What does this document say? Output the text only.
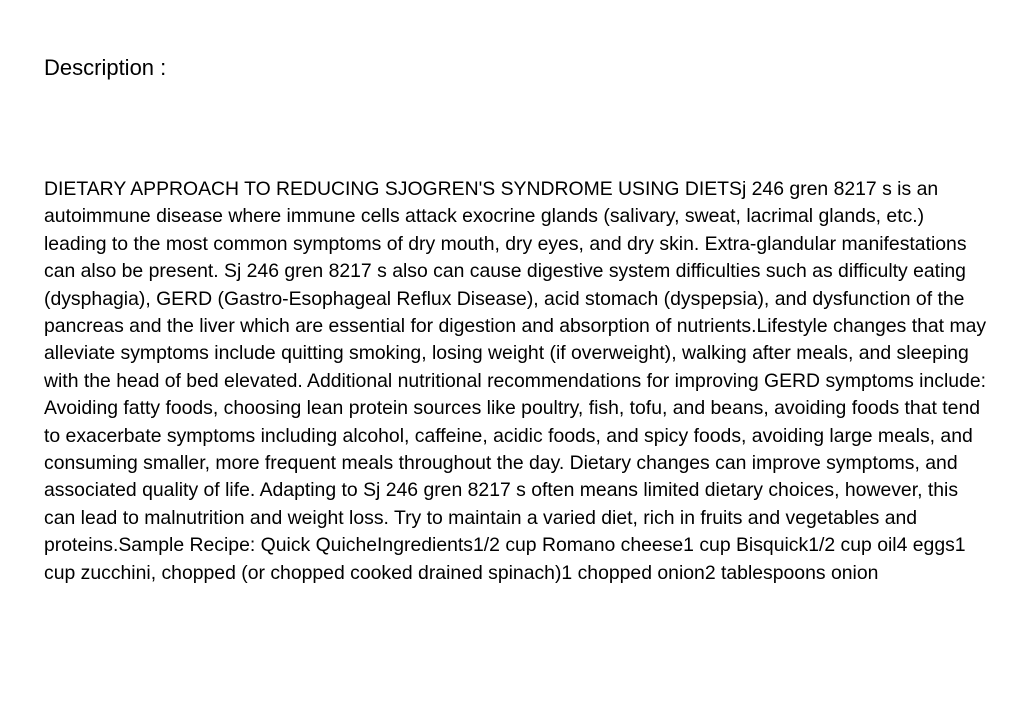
Description :

DIETARY APPROACH TO REDUCING SJOGREN'S SYNDROME USING DIETSj 246 gren 8217 s is an autoimmune disease where immune cells attack exocrine glands (salivary, sweat, lacrimal glands, etc.) leading to the most common symptoms of dry mouth, dry eyes, and dry skin. Extra-glandular manifestations can also be present. Sj 246 gren 8217 s also can cause digestive system difficulties such as difficulty eating (dysphagia), GERD (Gastro-Esophageal Reflux Disease), acid stomach (dyspepsia), and dysfunction of the pancreas and the liver which are essential for digestion and absorption of nutrients.Lifestyle changes that may alleviate symptoms include quitting smoking, losing weight (if overweight), walking after meals, and sleeping with the head of bed elevated. Additional nutritional recommendations for improving GERD symptoms include: Avoiding fatty foods, choosing lean protein sources like poultry, fish, tofu, and beans, avoiding foods that tend to exacerbate symptoms including alcohol, caffeine, acidic foods, and spicy foods, avoiding large meals, and consuming smaller, more frequent meals throughout the day. Dietary changes can improve symptoms, and associated quality of life. Adapting to Sj 246 gren 8217 s often means limited dietary choices, however, this can lead to malnutrition and weight loss. Try to maintain a varied diet, rich in fruits and vegetables and proteins.Sample Recipe: Quick QuicheIngredients1/2 cup Romano cheese1 cup Bisquick1/2 cup oil4 eggs1 cup zucchini, chopped (or chopped cooked drained spinach)1 chopped onion2 tablespoons onion
